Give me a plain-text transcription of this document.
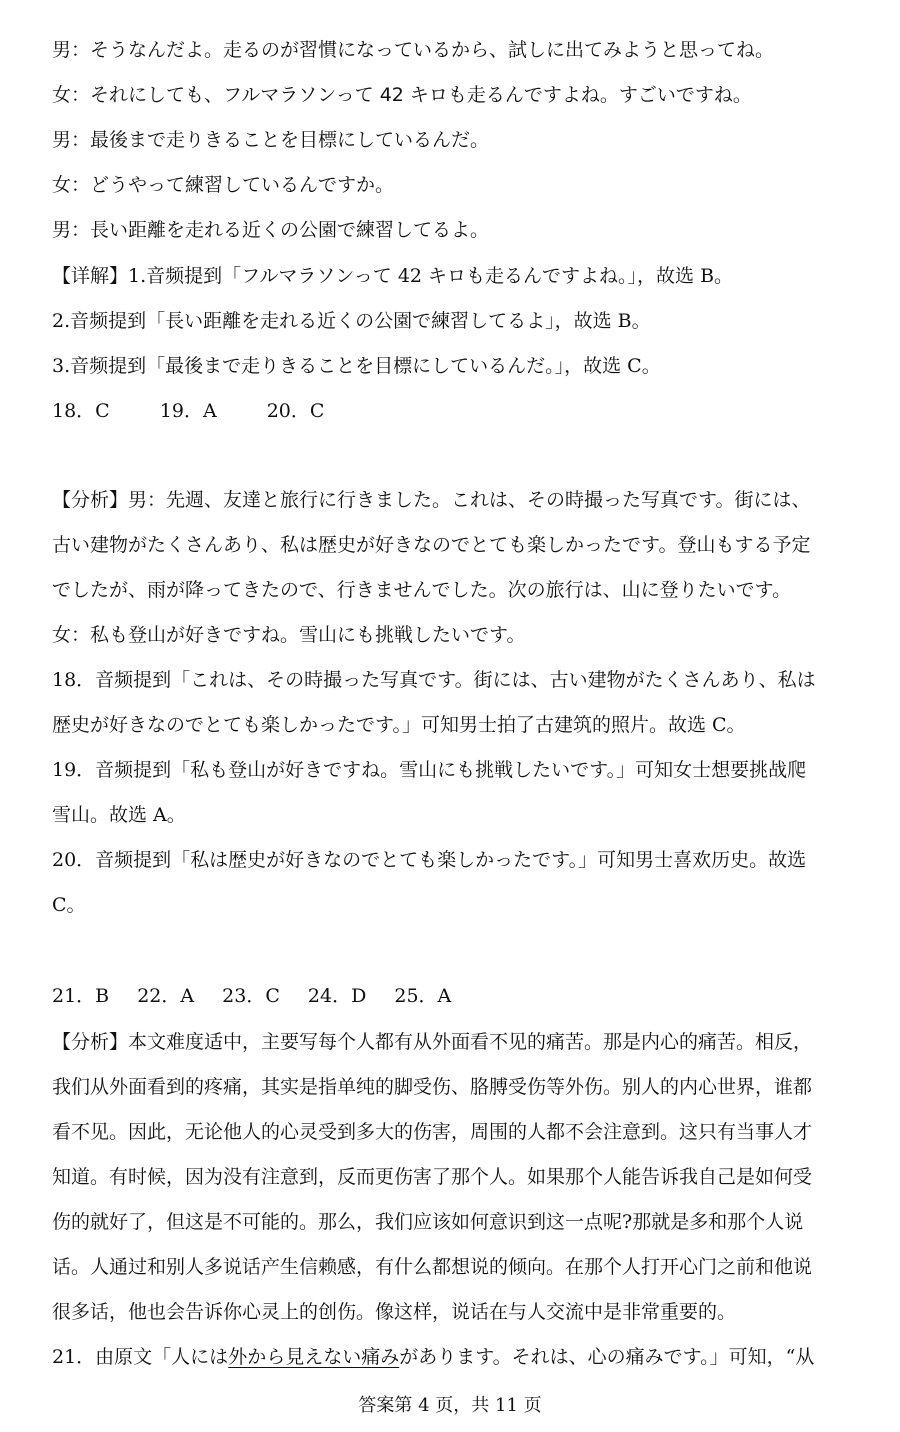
男：そうなんだよ。走るのが習慣になっているから、試しに出てみようと思ってね。
女：それにしても、フルマラソンって 42 キロも走るんですよね。すごいですね。
男：最後まで走りきることを目標にしているんだ。
女：どうやって練習しているんですか。
男：長い距離を走れる近くの公園で練習してるよ。
【详解】1.音频提到「フルマラソンって 42 キロも走るんですよね。」，故选 B。
2.音频提到「長い距離を走れる近くの公園で練習してるよ」，故选 B。
3.音频提到「最後まで走りきることを目標にしているんだ。」，故选 C。
18．C	19．A	20．C
【分析】男：先週、友達と旅行に行きました。これは、その時撮った写真です。街には、
古い建物がたくさんあり、私は歴史が好きなのでとても楽しかったです。登山もする予定
でしたが、雨が降ってきたので、行きませんでした。次の旅行は、山に登りたいです。
女：私も登山が好きですね。雪山にも挑戦したいです。
18．音频提到「これは、その時撮った写真です。街には、古い建物がたくさんあり、私は
歴史が好きなのでとても楽しかったです。」可知男士拍了古建筑的照片。故选 C。
19．音频提到「私も登山が好きですね。雪山にも挑戦したいです。」可知女士想要挑战爬
雪山。故选 A。
20．音频提到「私は歴史が好きなのでとても楽しかったです。」可知男士喜欢历史。故选
C。
21．B 22．A 23．C 24．D 25．A
【分析】本文难度适中，主要写每个人都有从外面看不见的痛苦。那是内心的痛苦。相反，
我们从外面看到的疼痛，其实是指单纯的脚受伤、胳膊受伤等外伤。别人的内心世界，谁都
看不见。因此，无论他人的心灵受到多大的伤害，周围的人都不会注意到。这只有当事人才
知道。有时候，因为没有注意到，反而更伤害了那个人。如果那个人能告诉我自己是如何受
伤的就好了，但这是不可能的。那么，我们应该如何意识到这一点呢?那就是多和那个人说
话。人通过和别人多说话产生信赖感，有什么都想说的倾向。在那个人打开心门之前和他说
很多话，他也会告诉你心灵上的创伤。像这样，说话在与人交流中是非常重要的。
21．由原文「人には外から見えない痛みがあります。それは、心の痛みです。」可知，“从
答案第 4 页，共 11 页
